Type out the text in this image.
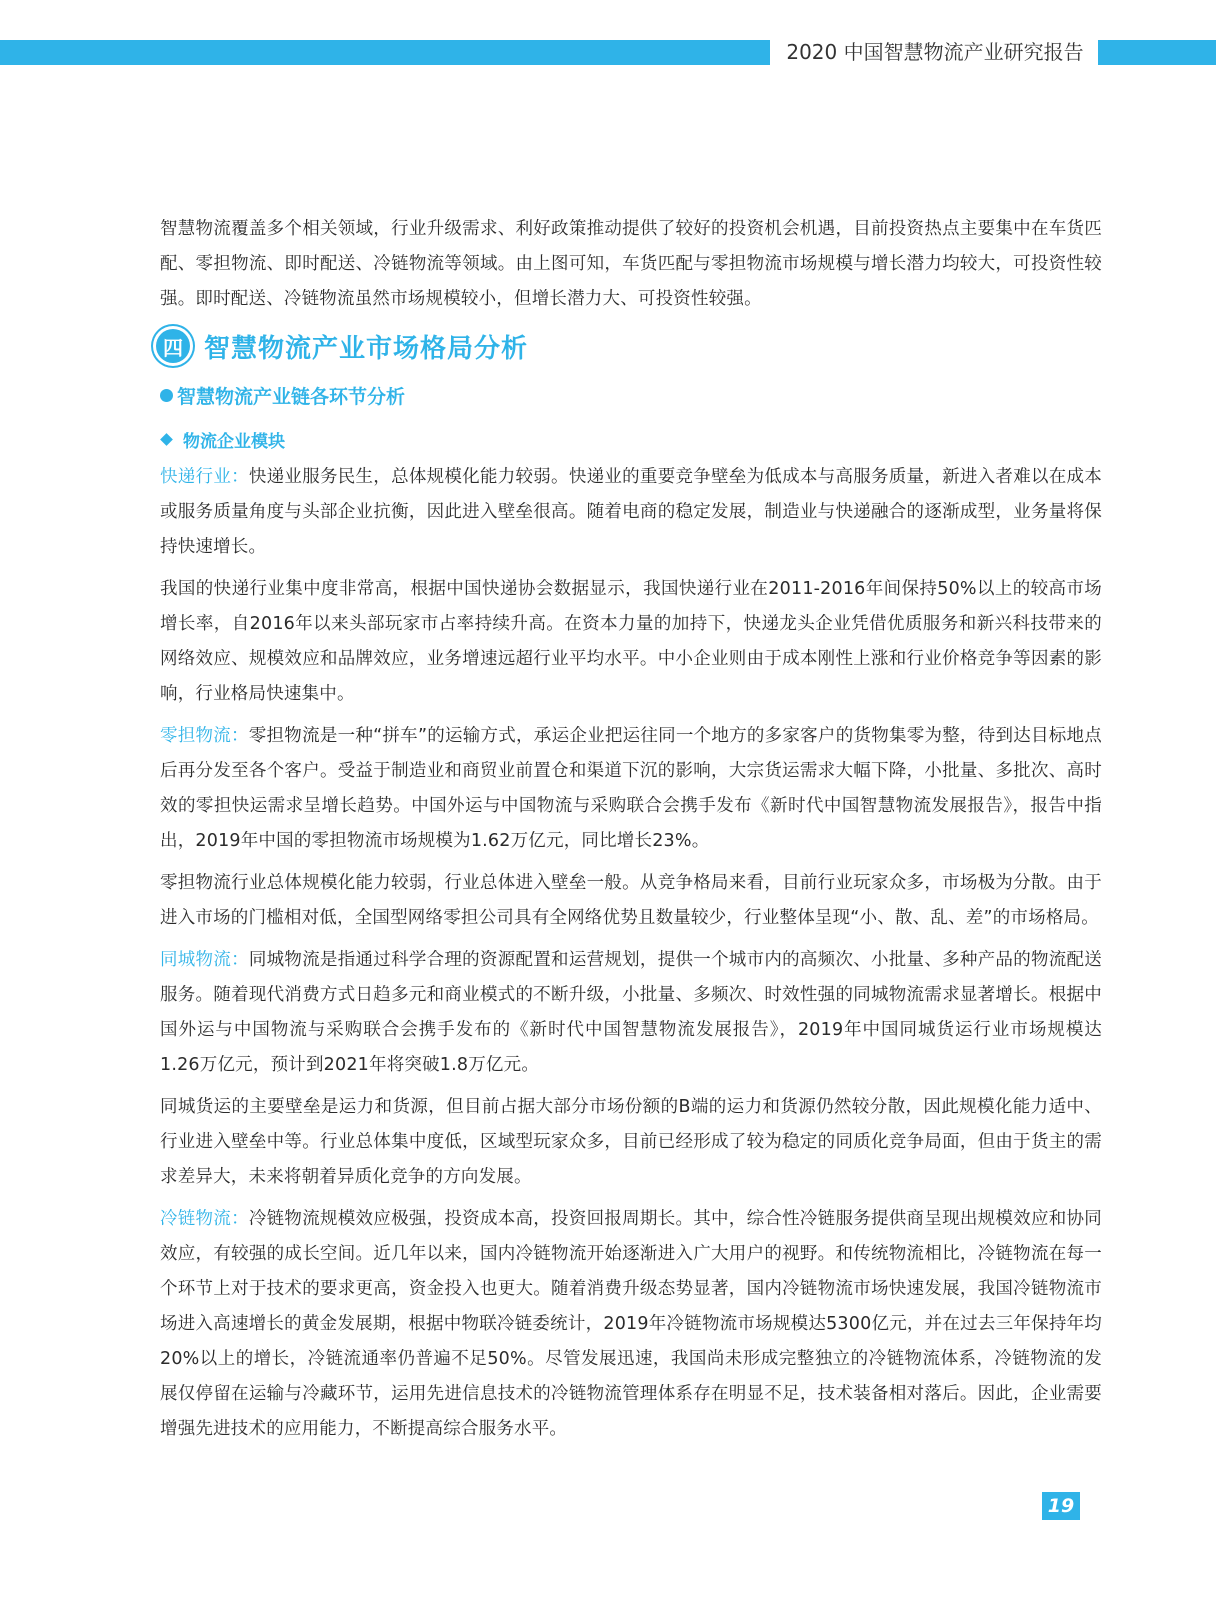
2020 中国智慧物流产业研究报告

智慧物流覆盖多个相关领域，行业升级需求、利好政策推动提供了较好的投资机会机遇，目前投资热点主要集中在车货匹配、零担物流、即时配送、冷链物流等领域。由上图可知，车货匹配与零担物流市场规模与增长潜力均较大，可投资性较强。即时配送、冷链物流虽然市场规模较小，但增长潜力大、可投资性较强。

四 智慧物流产业市场格局分析
智慧物流产业链各环节分析
物流企业模块

快递行业：快递业服务民生，总体规模化能力较弱。快递业的重要竞争壁垒为低成本与高服务质量，新进入者难以在成本或服务质量角度与头部企业抗衡，因此进入壁垒很高。随着电商的稳定发展，制造业与快递融合的逐渐成型，业务量将保持快速增长。

我国的快递行业集中度非常高，根据中国快递协会数据显示，我国快递行业在2011-2016年间保持50%以上的较高市场增长率，自2016年以来头部玩家市占率持续升高。在资本力量的加持下，快递龙头企业凭借优质服务和新兴科技带来的网络效应、规模效应和品牌效应，业务增速远超行业平均水平。中小企业则由于成本刚性上涨和行业价格竞争等因素的影响，行业格局快速集中。

零担物流：零担物流是一种“拼车”的运输方式，承运企业把运往同一个地方的多家客户的货物集零为整，待到达目标地点后再分发至各个客户。受益于制造业和商贸业前置仓和渠道下沉的影响，大宗货运需求大幅下降，小批量、多批次、高时效的零担快运需求呈增长趋势。中国外运与中国物流与采购联合会携手发布《新时代中国智慧物流发展报告》，报告中指出，2019年中国的零担物流市场规模为1.62万亿元，同比增长23%。

零担物流行业总体规模化能力较弱，行业总体进入壁垒一般。从竞争格局来看，目前行业玩家众多，市场极为分散。由于进入市场的门槛相对低，全国型网络零担公司具有全网络优势且数量较少，行业整体呈现“小、散、乱、差”的市场格局。

同城物流：同城物流是指通过科学合理的资源配置和运营规划，提供一个城市内的高频次、小批量、多种产品的物流配送服务。随着现代消费方式日趋多元和商业模式的不断升级，小批量、多频次、时效性强的同城物流需求显著增长。根据中国外运与中国物流与采购联合会携手发布的《新时代中国智慧物流发展报告》，2019年中国同城货运行业市场规模达1.26万亿元，预计到2021年将突破1.8万亿元。

同城货运的主要壁垒是运力和货源，但目前占据大部分市场份额的B端的运力和货源仍然较分散，因此规模化能力适中、行业进入壁垒中等。行业总体集中度低，区域型玩家众多，目前已经形成了较为稳定的同质化竞争局面，但由于货主的需求差异大，未来将朝着异质化竞争的方向发展。

冷链物流：冷链物流规模效应极强，投资成本高，投资回报周期长。其中，综合性冷链服务提供商呈现出规模效应和协同效应，有较强的成长空间。近几年以来，国内冷链物流开始逐渐进入广大用户的视野。和传统物流相比，冷链物流在每一个环节上对于技术的要求更高，资金投入也更大。随着消费升级态势显著，国内冷链物流市场快速发展，我国冷链物流市场进入高速增长的黄金发展期，根据中物联冷链委统计，2019年冷链物流市场规模达5300亿元，并在过去三年保持年均20%以上的增长，冷链流通率仍普遍不足50%。尽管发展迅速，我国尚未形成完整独立的冷链物流体系，冷链物流的发展仅停留在运输与冷藏环节，运用先进信息技术的冷链物流管理体系存在明显不足，技术装备相对落后。因此，企业需要增强先进技术的应用能力，不断提高综合服务水平。

19
